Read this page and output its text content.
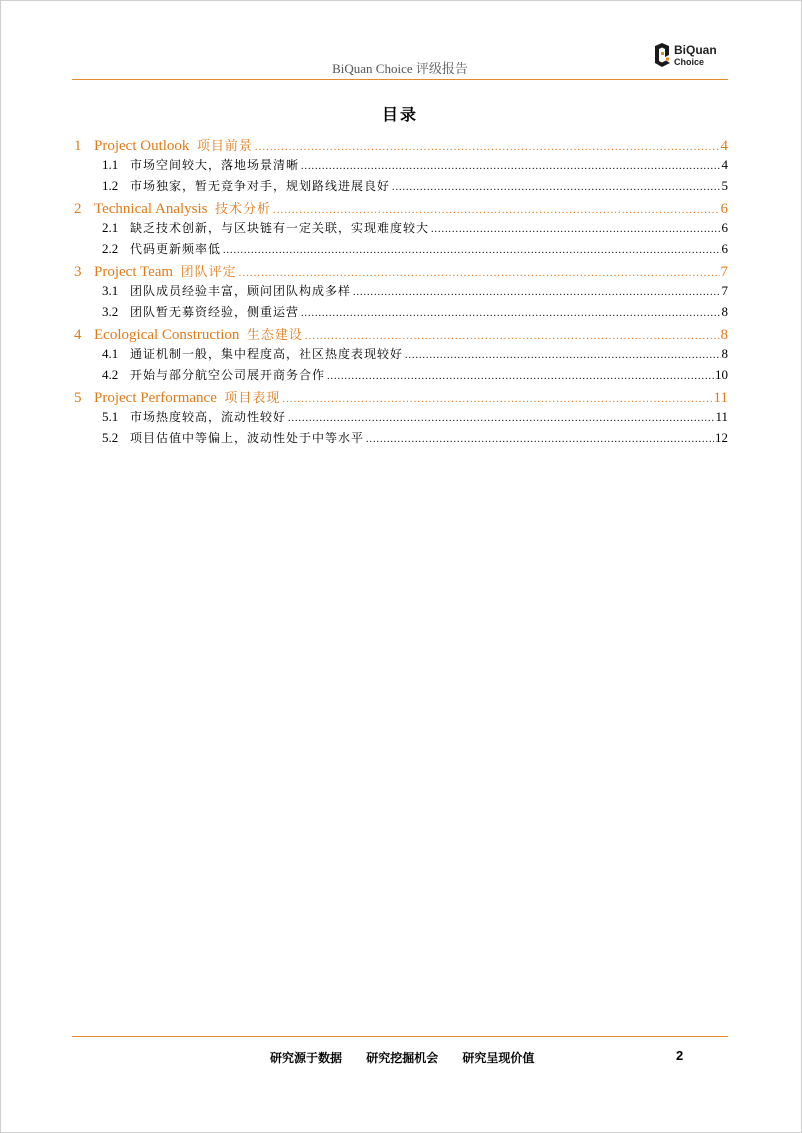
BiQuan Choice 评级报告
BiQuan
Choice
目录
1 Project Outlook 项目前景 .....	4
1.1 市场空间较大，落地场景清晰 .....	4
1.2 市场独家，暂无竞争对手，规划路线进展良好 .....	5
2 Technical Analysis 技术分析 .....	6
2.1 缺乏技术创新，与区块链有一定关联，实现难度较大 .....	6
2.2 代码更新频率低 .....	6
3 Project Team 团队评定 .....	7
3.1 团队成员经验丰富，顾问团队构成多样 .....	7
3.2 团队暂无募资经验，侧重运营 .....	8
4 Ecological Construction 生态建设 .....	8
4.1 通证机制一般，集中程度高，社区热度表现较好 .....	8
4.2 开始与部分航空公司展开商务合作 .....	10
5 Project Performance 项目表现 .....	11
5.1 市场热度较高，流动性较好 .....	11
5.2 项目估值中等偏上，波动性处于中等水平 .....	12
研究源于数据 研究挖掘机会 研究呈现价值	2
